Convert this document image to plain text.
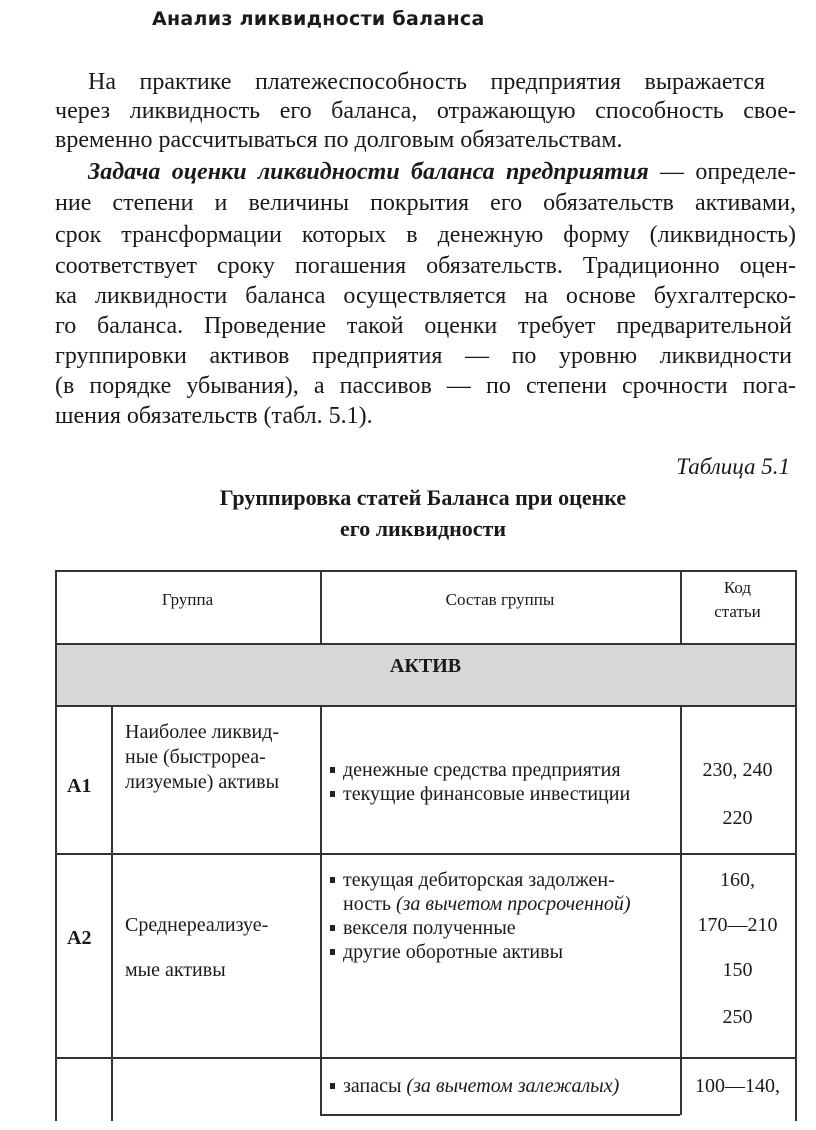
Анализ ликвидности баланса
На практике платежеспособность предприятия выражается
через ликвидность его баланса, отражающую способность свое-
временно рассчитываться по долговым обязательствам.
Задача оценки ликвидности баланса предприятия — определе-
ние степени и величины покрытия его обязательств активами,
срок трансформации которых в денежную форму (ликвидность)
соответствует сроку погашения обязательств. Традиционно оцен-
ка ликвидности баланса осуществляется на основе бухгалтерско-
го баланса. Проведение такой оценки требует предварительной
группировки активов предприятия — по уровню ликвидности
(в порядке убывания), а пассивов — по степени срочности пога-
шения обязательств (табл. 5.1).
Таблица 5.1
Группировка статей Баланса при оценке
его ликвидности
Группа	Состав группы
Код
статьи
АКТИВ
А1
Наиболее ликвид-
ные (быстрореа-
лизуемые) активы
денежные средства предприятия
текущие финансовые инвестиции
230, 240
220
А2
Среднереализуе-
мые активы
текущая дебиторская задолжен-
ность (за вычетом просроченной)
векселя полученные
другие оборотные активы
160,
170—210
150
250
запасы (за вычетом залежалых)	100—140,
